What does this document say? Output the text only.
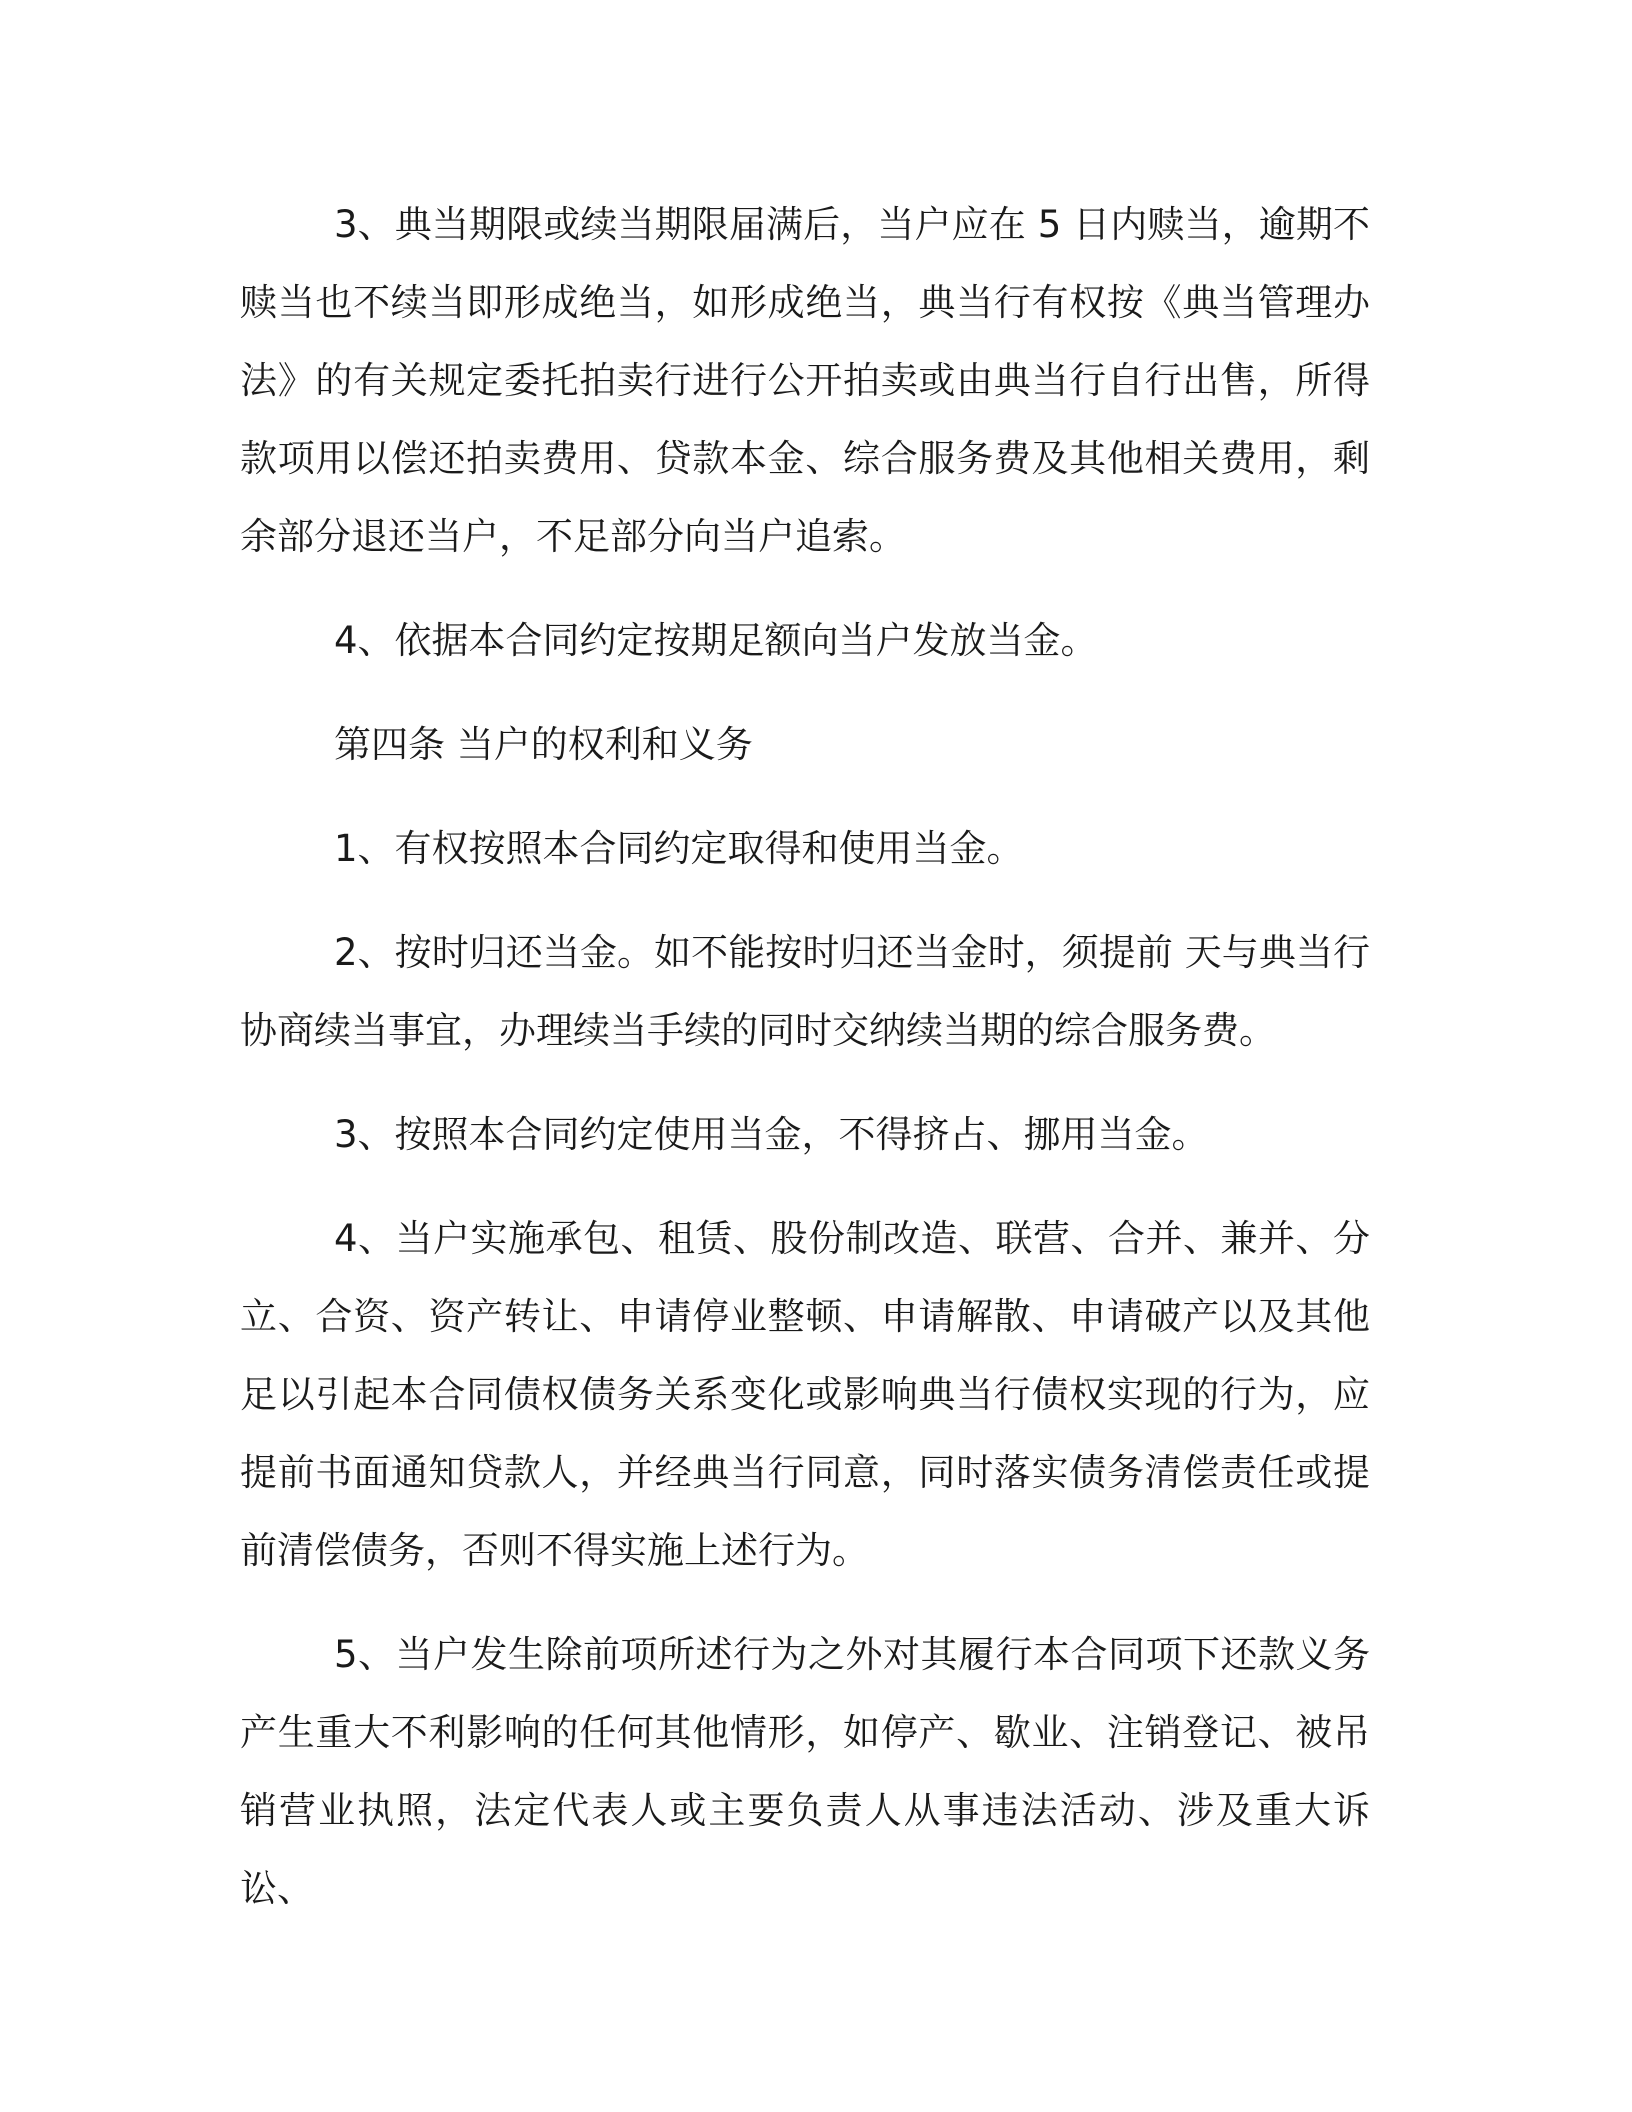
3、典当期限或续当期限届满后，当户应在 5 日内赎当，逾期不赎当也不续当即形成绝当，如形成绝当，典当行有权按《典当管理办法》的有关规定委托拍卖行进行公开拍卖或由典当行自行出售，所得款项用以偿还拍卖费用、贷款本金、综合服务费及其他相关费用，剩余部分退还当户，不足部分向当户追索。

4、依据本合同约定按期足额向当户发放当金。

第四条 当户的权利和义务

1、有权按照本合同约定取得和使用当金。

2、按时归还当金。如不能按时归还当金时，须提前 天与典当行协商续当事宜，办理续当手续的同时交纳续当期的综合服务费。

3、按照本合同约定使用当金，不得挤占、挪用当金。

4、当户实施承包、租赁、股份制改造、联营、合并、兼并、分立、合资、资产转让、申请停业整顿、申请解散、申请破产以及其他足以引起本合同债权债务关系变化或影响典当行债权实现的行为，应提前书面通知贷款人，并经典当行同意，同时落实债务清偿责任或提前清偿债务，否则不得实施上述行为。

5、当户发生除前项所述行为之外对其履行本合同项下还款义务产生重大不利影响的任何其他情形，如停产、歇业、注销登记、被吊销营业执照，法定代表人或主要负责人从事违法活动、涉及重大诉讼、
